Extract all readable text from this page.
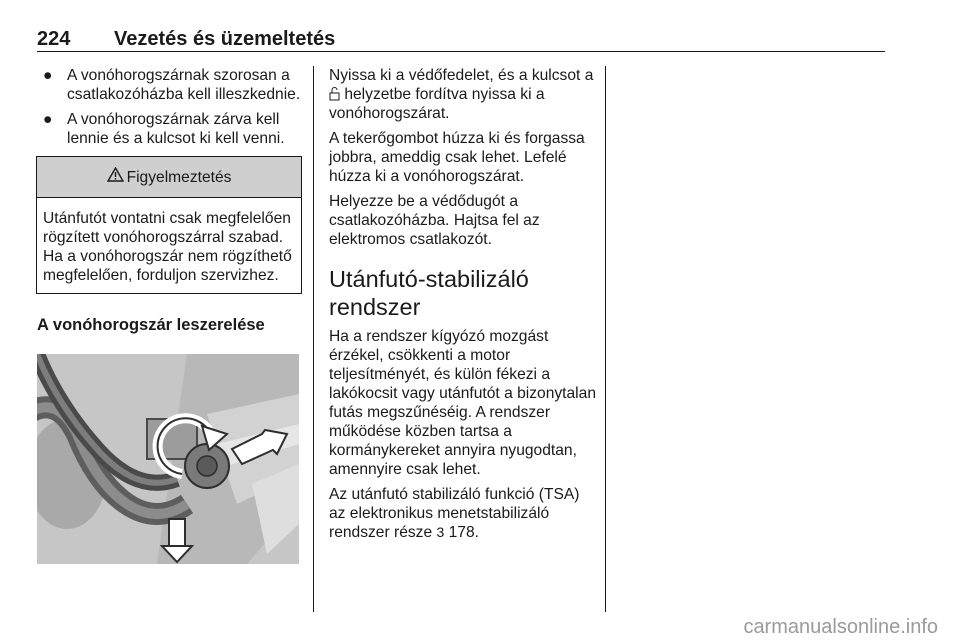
224 Vezetés és üzemeltetés
● A vonóhorogszárnak szorosan a csatlakozóházba kell illeszkednie.
● A vonóhorogszárnak zárva kell lennie és a kulcsot ki kell venni.
Figyelmeztetés
Utánfutót vontatni csak megfelelően rögzített vonóhorogszárral szabad. Ha a vonóhorogszár nem rögzíthető megfelelően, forduljon szervizhez.
A vonóhorogszár leszerelése

Nyissa ki a védőfedelet, és a kulcsot a  helyzetbe fordítva nyissa ki a vonóhorogszárat.

A tekerőgombot húzza ki és forgassa jobbra, ameddig csak lehet. Lefelé húzza ki a vonóhorogszárat.

Helyezze be a védődugót a csatlakozóházba. Hajtsa fel az elektromos csatlakozót.

Utánfutó-stabilizáló rendszer

Ha a rendszer kígyózó mozgást érzékel, csökkenti a motor teljesítményét, és külön fékezi a lakókocsit vagy utánfutót a bizonytalan futás megszűnéséig. A rendszer működése közben tartsa a kormánykereket annyira nyugodtan, amennyire csak lehet.

Az utánfutó stabilizáló funkció (TSA) az elektronikus menetstabilizáló rendszer része 3 178.

carmanualsonline.info
